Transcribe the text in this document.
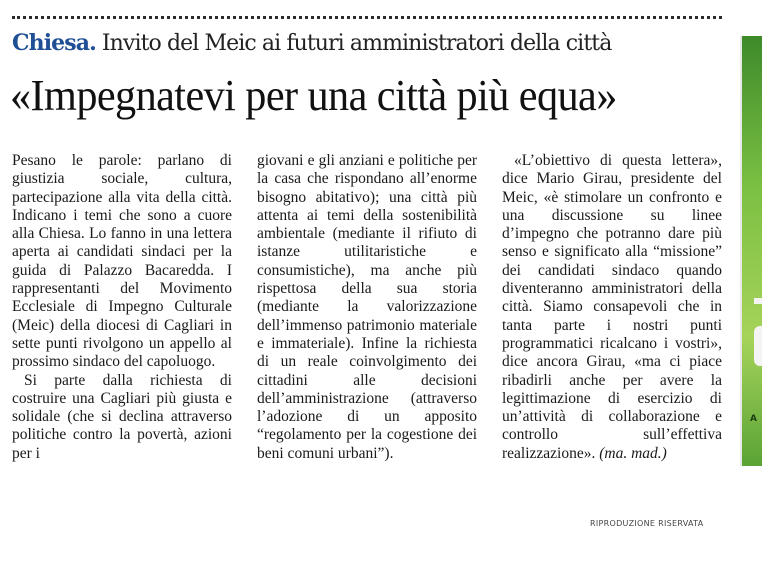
Chiesa. Invito del Meic ai futuri amministratori della città
«Impegnatevi per una città più equa»

Pesano le parole: parlano di giustizia sociale, cultura, partecipazione alla vita della città. Indicano i temi che sono a cuore alla Chiesa. Lo fanno in una lettera aperta ai candidati sindaci per la guida di Palazzo Bacaredda. I rappresentanti del Movimento Ecclesiale di Impegno Culturale (Meic) della diocesi di Cagliari in sette punti rivolgono un appello al prossimo sindaco del capoluogo.

Si parte dalla richiesta di costruire una Cagliari più giusta e solidale (che si declina attraverso politiche contro la povertà, azioni per i

giovani e gli anziani e politiche per la casa che rispondano all’enorme bisogno abitativo); una città più attenta ai temi della sostenibilità ambientale (mediante il rifiuto di istanze utilitaristiche e consumistiche), ma anche più rispettosa della sua storia (mediante la valorizzazione dell’immenso patrimonio materiale e immateriale). Infine la richiesta di un reale coinvolgimento dei cittadini alle decisioni dell’amministrazione (attraverso l’adozione di un apposito “regolamento per la cogestione dei beni comuni urbani”).

«L’obiettivo di questa lettera», dice Mario Girau, presidente del Meic, «è stimolare un confronto e una discussione su linee d’impegno che potranno dare più senso e significato alla “missione” dei candidati sindaco quando diventeranno amministratori della città. Siamo consapevoli che in tanta parte i nostri punti programmatici ricalcano i vostri», dice ancora Girau, «ma ci piace ribadirli anche per avere la legittimazione di esercizio di un’attività di collaborazione e controllo sull’effettiva realizzazione». (ma. mad.)

RIPRODUZIONE RISERVATA
A
